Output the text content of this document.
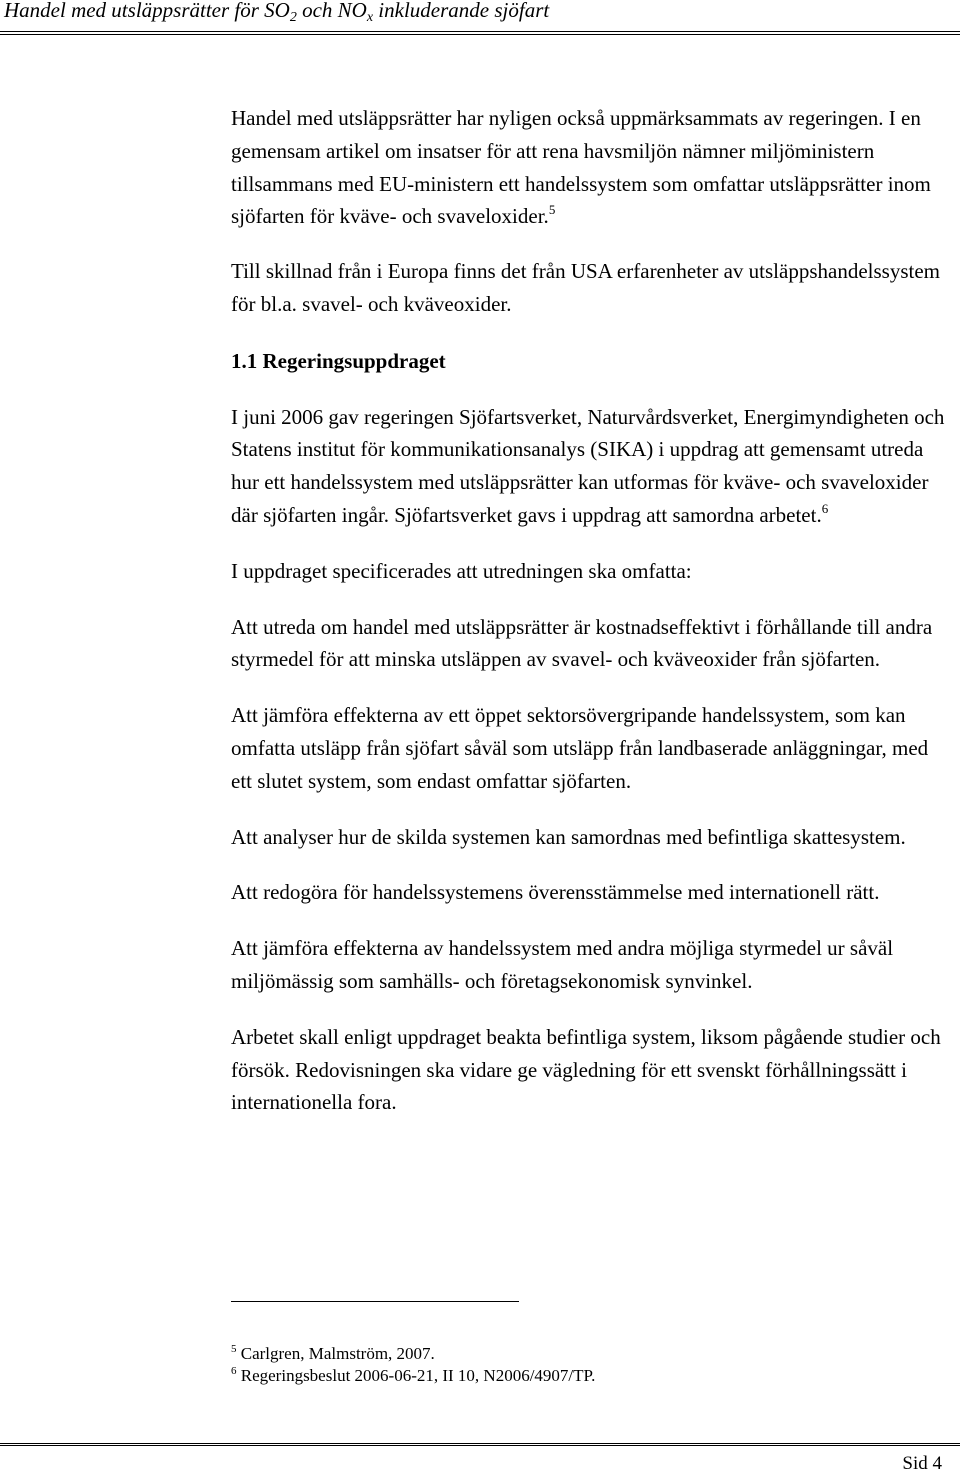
Handel med utsläppsrätter för $SO_2$ och $NO_x$ inkluderande sjöfart

Handel med utsläppsrätter har nyligen också uppmärksammats av regeringen. I en gemensam artikel om insatser för att rena havsmiljön nämner miljöministern tillsammans med EU-ministern ett handelssystem som omfattar utsläppsrätter inom sjöfarten för kväve- och svaveloxider.$^5$

Till skillnad från i Europa finns det från USA erfarenheter av utsläppshandelssystem för bl.a. svavel- och kväveoxider.

1.1 Regeringsuppdraget

I juni 2006 gav regeringen Sjöfartsverket, Naturvårdsverket, Energimyndigheten och Statens institut för kommunikationsanalys (SIKA) i uppdrag att gemensamt utreda hur ett handelssystem med utsläppsrätter kan utformas för kväve- och svaveloxider där sjöfarten ingår. Sjöfartsverket gavs i uppdrag att samordna arbetet.$^6$

I uppdraget specificerades att utredningen ska omfatta:

Att utreda om handel med utsläppsrätter är kostnadseffektivt i förhållande till andra styrmedel för att minska utsläppen av svavel- och kväveoxider från sjöfarten.

Att jämföra effekterna av ett öppet sektorsövergripande handelssystem, som kan omfatta utsläpp från sjöfart såväl som utsläpp från landbaserade anläggningar, med ett slutet system, som endast omfattar sjöfarten.

Att analyser hur de skilda systemen kan samordnas med befintliga skattesystem.

Att redogöra för handelssystemens överensstämmelse med internationell rätt.

Att jämföra effekterna av handelssystem med andra möjliga styrmedel ur såväl miljömässig som samhälls- och företagsekonomisk synvinkel.

Arbetet skall enligt uppdraget beakta befintliga system, liksom pågående studier och försök. Redovisningen ska vidare ge vägledning för ett svenskt förhållningssätt i internationella fora.

$^5$ Carlgren, Malmström, 2007.
$^6$ Regeringsbeslut 2006-06-21, II 10, N2006/4907/TP.
Sid 4
